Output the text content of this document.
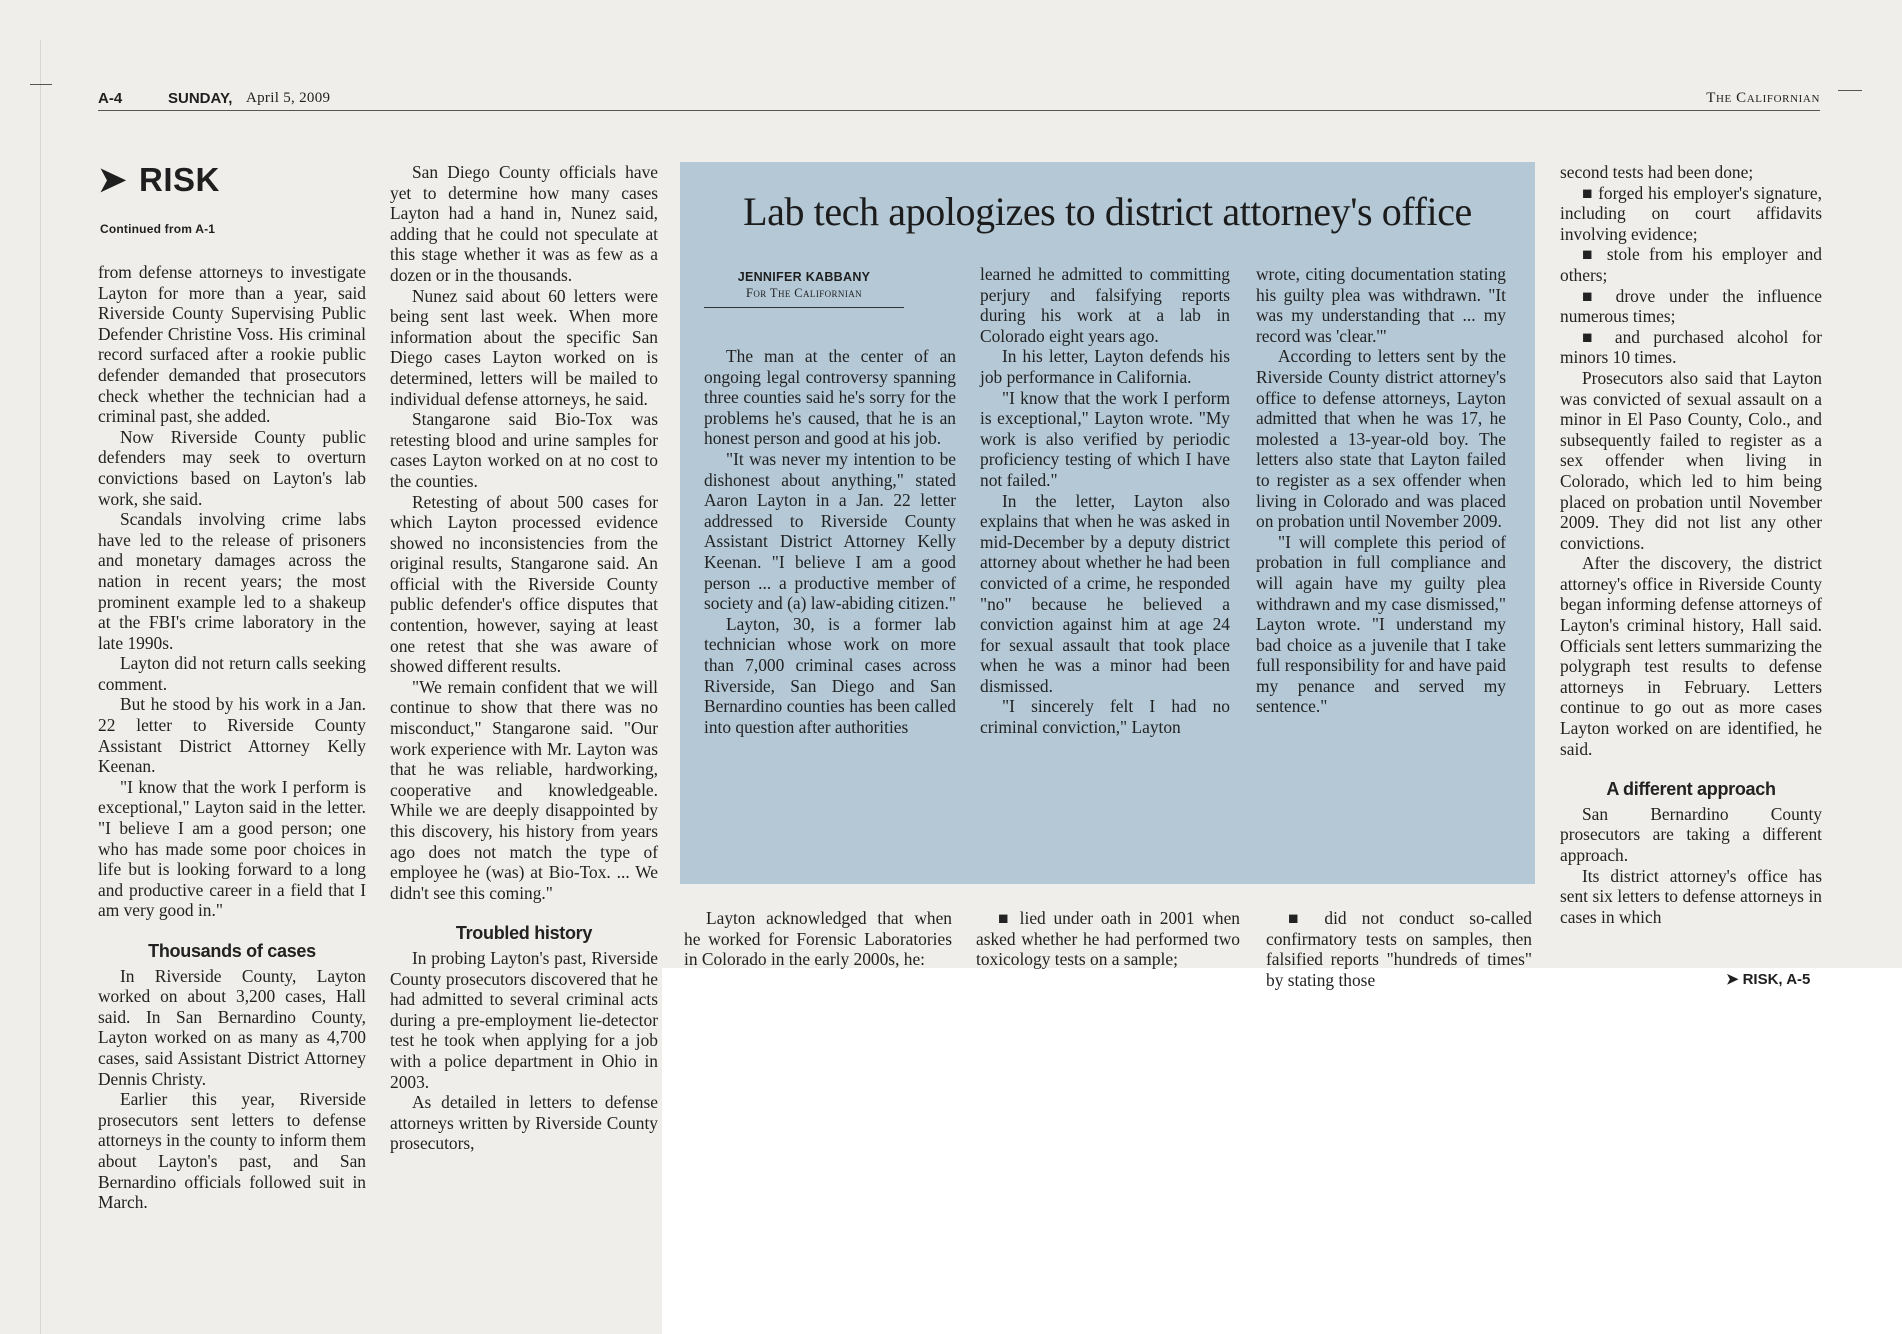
A-4	SUNDAY, April 5, 2009	The Californian
➤ RISK
Continued from A-1

from defense attorneys to investigate Layton for more than a year, said Riverside County Supervising Public Defender Christine Voss. His criminal record surfaced after a rookie public defender demanded that prosecutors check whether the technician had a criminal past, she added.

Now Riverside County public defenders may seek to overturn convictions based on Layton's lab work, she said.

Scandals involving crime labs have led to the release of prisoners and monetary damages across the nation in recent years; the most prominent example led to a shakeup at the FBI's crime laboratory in the late 1990s.

Layton did not return calls seeking comment.

But he stood by his work in a Jan. 22 letter to Riverside County Assistant District Attorney Kelly Keenan.

"I know that the work I perform is exceptional," Layton said in the letter. "I believe I am a good person; one who has made some poor choices in life but is looking forward to a long and productive career in a field that I am very good in."

Thousands of cases

In Riverside County, Layton worked on about 3,200 cases, Hall said. In San Bernardino County, Layton worked on as many as 4,700 cases, said Assistant District Attorney Dennis Christy.

Earlier this year, Riverside prosecutors sent letters to defense attorneys in the county to inform them about Layton's past, and San Bernardino officials followed suit in March.

San Diego County officials have yet to determine how many cases Layton had a hand in, Nunez said, adding that he could not speculate at this stage whether it was as few as a dozen or in the thousands.

Nunez said about 60 letters were being sent last week. When more information about the specific San Diego cases Layton worked on is determined, letters will be mailed to individual defense attorneys, he said.

Stangarone said Bio-Tox was retesting blood and urine samples for cases Layton worked on at no cost to the counties.

Retesting of about 500 cases for which Layton processed evidence showed no inconsistencies from the original results, Stangarone said. An official with the Riverside County public defender's office disputes that contention, however, saying at least one retest that she was aware of showed different results.

"We remain confident that we will continue to show that there was no misconduct," Stangarone said. "Our work experience with Mr. Layton was that he was reliable, hardworking, cooperative and knowledgeable. While we are deeply disappointed by this discovery, his history from years ago does not match the type of employee he (was) at Bio-Tox. ... We didn't see this coming."

Troubled history

In probing Layton's past, Riverside County prosecutors discovered that he had admitted to several criminal acts during a pre-employment lie-detector test he took when applying for a job with a police department in Ohio in 2003.

As detailed in letters to defense attorneys written by Riverside County prosecutors,

Lab tech apologizes to district attorney's office
JENNIFER KABBANY
For The Californian

The man at the center of an ongoing legal controversy spanning three counties said he's sorry for the problems he's caused, that he is an honest person and good at his job.

"It was never my intention to be dishonest about anything," stated Aaron Layton in a Jan. 22 letter addressed to Riverside County Assistant District Attorney Kelly Keenan. "I believe I am a good person ... a productive member of society and (a) law-abiding citizen."

Layton, 30, is a former lab technician whose work on more than 7,000 criminal cases across Riverside, San Diego and San Bernardino counties has been called into question after authorities

learned he admitted to committing perjury and falsifying reports during his work at a lab in Colorado eight years ago.

In his letter, Layton defends his job performance in California.

"I know that the work I perform is exceptional," Layton wrote. "My work is also verified by periodic proficiency testing of which I have not failed."

In the letter, Layton also explains that when he was asked in mid-December by a deputy district attorney about whether he had been convicted of a crime, he responded "no" because he believed a conviction against him at age 24 for sexual assault that took place when he was a minor had been dismissed.

"I sincerely felt I had no criminal conviction," Layton

wrote, citing documentation stating his guilty plea was withdrawn. "It was my understanding that ... my record was 'clear.'"

According to letters sent by the Riverside County district attorney's office to defense attorneys, Layton admitted that when he was 17, he molested a 13-year-old boy. The letters also state that Layton failed to register as a sex offender when living in Colorado and was placed on probation until November 2009.

"I will complete this period of probation in full compliance and will again have my guilty plea withdrawn and my case dismissed," Layton wrote. "I understand my bad choice as a juvenile that I take full responsibility for and have paid my penance and served my sentence."

Layton acknowledged that when he worked for Forensic Laboratories in Colorado in the early 2000s, he:

■ lied under oath in 2001 when asked whether he had performed two toxicology tests on a sample;

■ did not conduct so-called confirmatory tests on samples, then falsified reports "hundreds of times" by stating those

second tests had been done;

■ forged his employer's signature, including on court affidavits involving evidence;

■ stole from his employer and others;

■ drove under the influence numerous times;

■ and purchased alcohol for minors 10 times.

Prosecutors also said that Layton was convicted of sexual assault on a minor in El Paso County, Colo., and subsequently failed to register as a sex offender when living in Colorado, which led to him being placed on probation until November 2009. They did not list any other convictions.

After the discovery, the district attorney's office in Riverside County began informing defense attorneys of Layton's criminal history, Hall said. Officials sent letters summarizing the polygraph test results to defense attorneys in February. Letters continue to go out as more cases Layton worked on are identified, he said.

A different approach

San Bernardino County prosecutors are taking a different approach.

Its district attorney's office has sent six letters to defense attorneys in cases in which

➤ RISK, A-5
